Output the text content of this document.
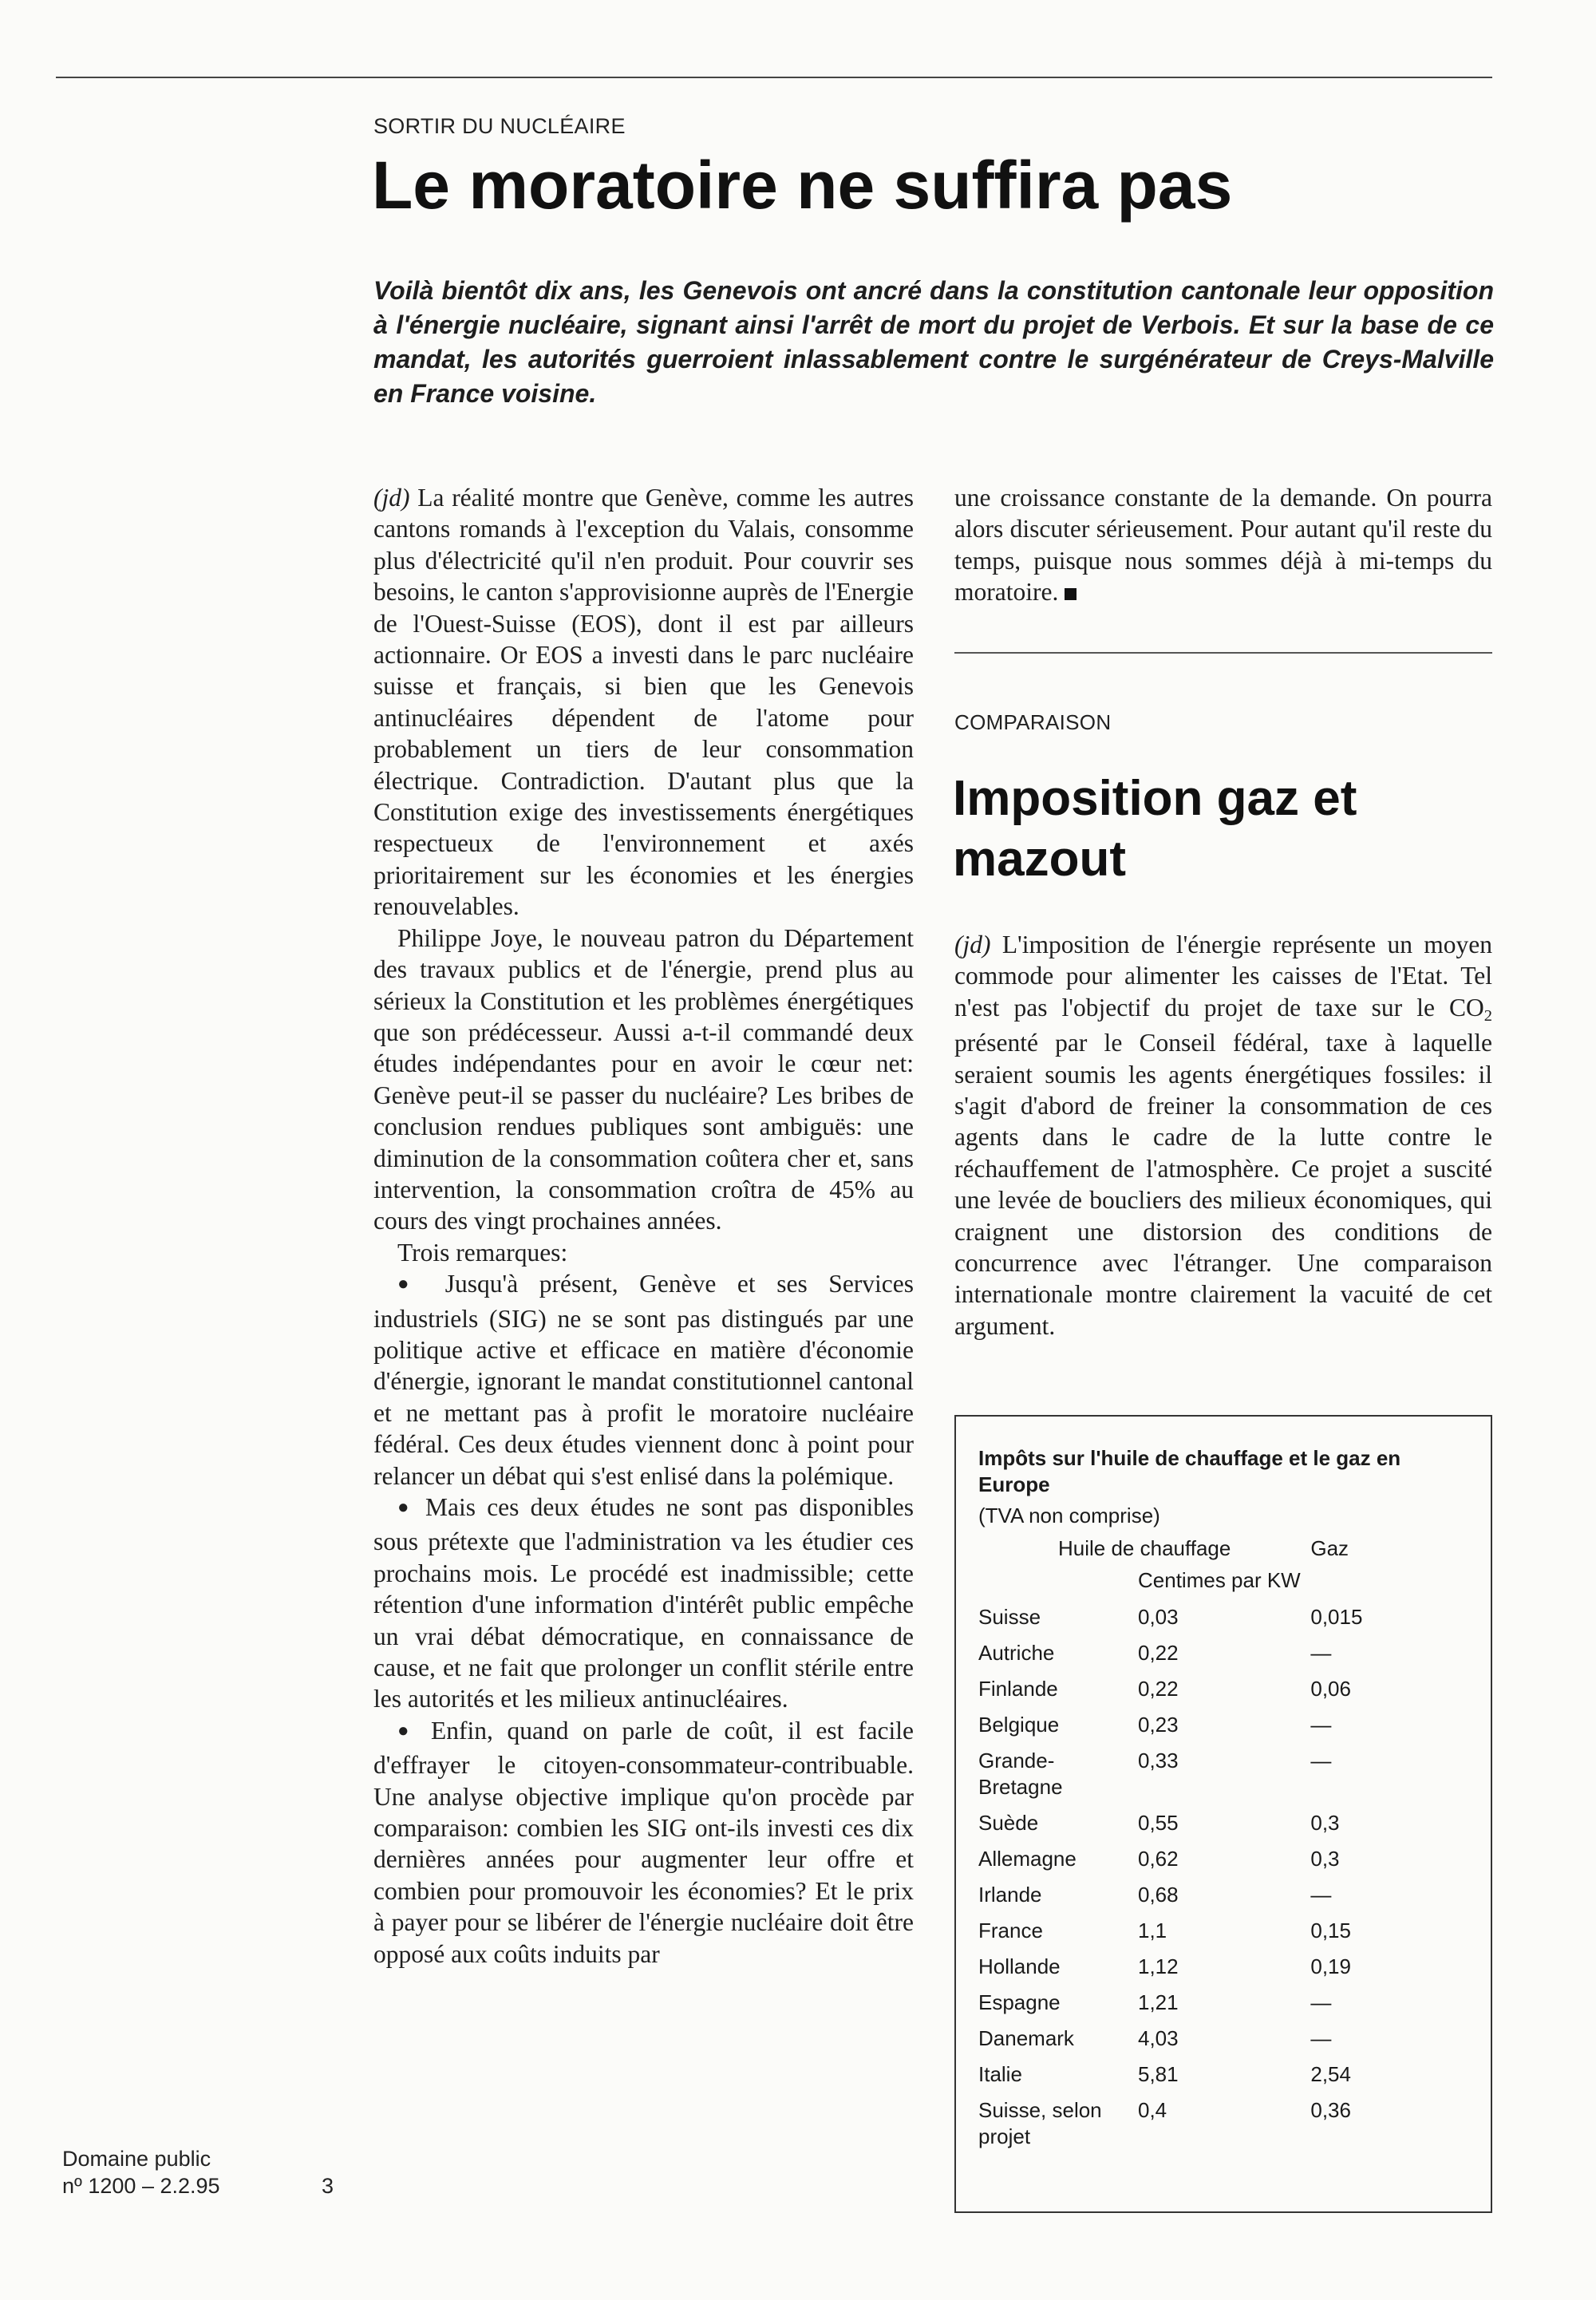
SORTIR DU NUCLÉAIRE
Le moratoire ne suffira pas

Voilà bientôt dix ans, les Genevois ont ancré dans la constitution cantonale leur opposition à l'énergie nucléaire, signant ainsi l'arrêt de mort du projet de Verbois. Et sur la base de ce mandat, les autorités guerroient inlassablement contre le surgénérateur de Creys-Malville en France voisine.

(jd) La réalité montre que Genève, comme les autres cantons romands à l'exception du Valais, consomme plus d'électricité qu'il n'en produit. Pour couvrir ses besoins, le canton s'approvisionne auprès de l'Energie de l'Ouest-Suisse (EOS), dont il est par ailleurs actionnaire. Or EOS a investi dans le parc nucléaire suisse et français, si bien que les Genevois antinucléaires dépendent de l'atome pour probablement un tiers de leur consommation électrique. Contradiction. D'autant plus que la Constitution exige des investissements énergétiques respectueux de l'environnement et axés prioritairement sur les économies et les énergies renouvelables.

Philippe Joye, le nouveau patron du Département des travaux publics et de l'énergie, prend plus au sérieux la Constitution et les problèmes énergétiques que son prédécesseur. Aussi a-t-il commandé deux études indépendantes pour en avoir le cœur net: Genève peut-il se passer du nucléaire? Les bribes de conclusion rendues publiques sont ambiguës: une diminution de la consommation coûtera cher et, sans intervention, la consommation croîtra de 45% au cours des vingt prochaines années.

Trois remarques:

● Jusqu'à présent, Genève et ses Services industriels (SIG) ne se sont pas distingués par une politique active et efficace en matière d'économie d'énergie, ignorant le mandat constitutionnel cantonal et ne mettant pas à profit le moratoire nucléaire fédéral. Ces deux études viennent donc à point pour relancer un débat qui s'est enlisé dans la polémique.

● Mais ces deux études ne sont pas disponibles sous prétexte que l'administration va les étudier ces prochains mois. Le procédé est inadmissible; cette rétention d'une information d'intérêt public empêche un vrai débat démocratique, en connaissance de cause, et ne fait que prolonger un conflit stérile entre les autorités et les milieux antinucléaires.

● Enfin, quand on parle de coût, il est facile d'effrayer le citoyen-consommateur-contribuable. Une analyse objective implique qu'on procède par comparaison: combien les SIG ont-ils investi ces dix dernières années pour augmenter leur offre et combien pour promouvoir les économies? Et le prix à payer pour se libérer de l'énergie nucléaire doit être opposé aux coûts induits par

une croissance constante de la demande. On pourra alors discuter sérieusement. Pour autant qu'il reste du temps, puisque nous sommes déjà à mi-temps du moratoire.

COMPARAISON
Imposition gaz et mazout

(jd) L'imposition de l'énergie représente un moyen commode pour alimenter les caisses de l'Etat. Tel n'est pas l'objectif du projet de taxe sur le CO2 présenté par le Conseil fédéral, taxe à laquelle seraient soumis les agents énergétiques fossiles: il s'agit d'abord de freiner la consommation de ces agents dans le cadre de la lutte contre le réchauffement de l'atmosphère. Ce projet a suscité une levée de boucliers des milieux économiques, qui craignent une distorsion des conditions de concurrence avec l'étranger. Une comparaison internationale montre clairement la vacuité de cet argument.

Impôts sur l'huile de chauffage et le gaz en Europe

(TVA non comprise)

	Huile de chauffage	Gaz
	Centimes par KW	
Suisse	0,03	0,015
Autriche	0,22	—
Finlande	0,22	0,06
Belgique	0,23	—
Grande-Bretagne	0,33	—
Suède	0,55	0,3
Allemagne	0,62	0,3
Irlande	0,68	—
France	1,1	0,15
Hollande	1,12	0,19
Espagne	1,21	—
Danemark	4,03	—
Italie	5,81	2,54
Suisse, selon projet	0,4	0,36
Domaine public
nº 1200 – 2.2.95	3
